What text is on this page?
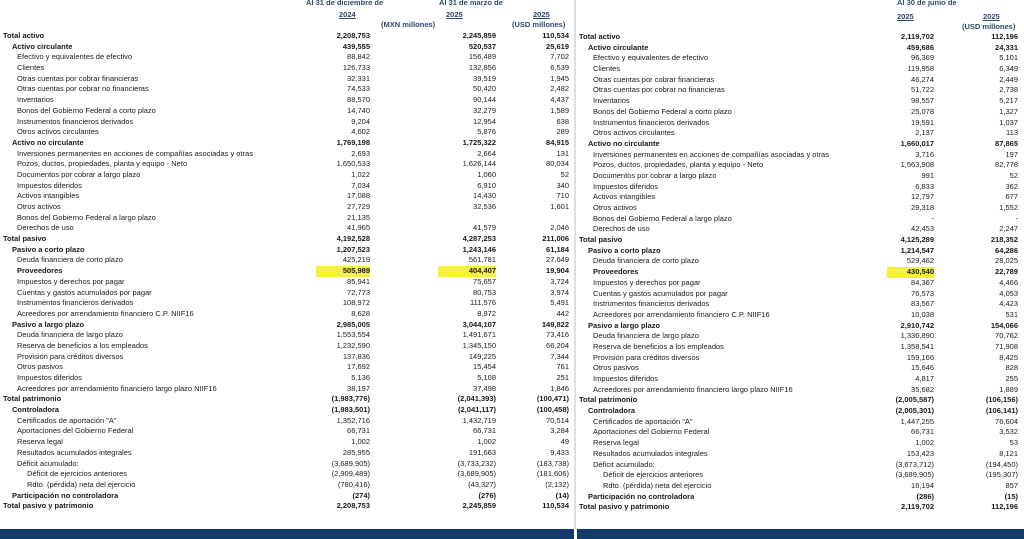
Al 31 de diciembre de	Al 31 de marzo de
2024	2025	2025
(MXN millones)	(USD millones)
Total activo	2,208,753	2,245,859	110,534
Activo circulante	439,555	520,537	25,619
Efectivo y equivalentes de efectivo	88,842	156,489	7,702
Clientes	126,733	132,856	6,539
Otras cuentas por cobrar financieras	32,331	39,519	1,945
Otras cuentas por cobrar no financieras	74,533	50,420	2,482
Inventarios	88,570	90,144	4,437
Bonos del Gobierno Federal a corto plazo	14,740	32,279	1,589
Instrumentos financieros derivados	9,204	12,954	638
Otros activos circulantes	4,602	5,876	289
Activo no circulante	1,769,198	1,725,322	84,915
Inversiones permanentes en acciones de compañías asociadas y otras	2,693	2,664	131
Pozos, ductos, propiedades, planta y equipo - Neto	1,650,533	1,626,144	80,034
Documentos por cobrar a largo plazo	1,022	1,060	52
Impuestos diferidos	7,034	6,910	340
Activos intangibles	17,088	14,430	710
Otros activos	27,729	32,536	1,601
Bonos del Gobierno Federal a largo plazo	21,135
Derechos de uso	41,965	41,579	2,046
Total pasivo	4,192,528	4,287,253	211,006
Pasivo a corto plazo	1,207,523	1,243,146	61,184
Deuda financiera de corto plazo	425,219	561,781	27,649
Proveedores	505,989	404,407	19,904
Impuestos y derechos por pagar	85,941	75,657	3,724
Cuentas y gastos acumulados por pagar	72,773	80,753	3,974
Instrumentos financieros derivados	108,972	111,576	5,491
Acreedores por arrendamiento financiero C.P. NIIF16	8,628	8,972	442
Pasivo a largo plazo	2,985,005	3,044,107	149,822
Deuda financiera de largo plazo	1,553,554	1,491,671	73,416
Reserva de beneficios a los empleados	1,232,590	1,345,150	66,204
Provisión para créditos diversos	137,836	149,225	7,344
Otros pasivos	17,692	15,454	761
Impuestos diferidos	5,136	5,108	251
Acreedores por arrendamiento financiero largo plazo NIIF16	38,197	37,498	1,846
Total patrimonio	(1,983,776)	(2,041,393)	(100,471)
Controladora	(1,983,501)	(2,041,117)	(100,458)
Certificados de aportación "A"	1,352,716	1,432,719	70,514
Aportaciones del Gobierno Federal	66,731	66,731	3,284
Reserva legal	1,002	1,002	49
Resultados acumulados integrales	285,955	191,663	9,433
Déficit acumulado:	(3,689,905)	(3,733,232)	(183,738)
Déficit de ejercicios anteriores	(2,909,489)	(3,689,905)	(181,606)
Rdto. (pérdida) neta del ejercicio	(780,416)	(43,327)	(2,132)
Participación no controladora	(274)	(276)	(14)
Total pasivo y patrimonio	2,208,753	2,245,859	110,534
Al 30 de junio de
2025	2025
(USD millones)
Total activo	2,119,702	112,196
Activo circulante	459,686	24,331
Efectivo y equivalentes de efectivo	96,369	5,101
Clientes	119,958	6,349
Otras cuentas por cobrar financieras	46,274	2,449
Otras cuentas por cobrar no financieras	51,722	2,738
Inventarios	98,557	5,217
Bonos del Gobierno Federal a corto plazo	25,078	1,327
Instrumentos financieros derivados	19,591	1,037
Otros activos circulantes	2,137	113
Activo no circulante	1,660,017	87,865
Inversiones permanentes en acciones de compañías asociadas y otras	3,716	197
Pozos, ductos, propiedades, planta y equipo - Neto	1,563,908	82,778
Documentos por cobrar a largo plazo	991	52
Impuestos diferidos	6,833	362
Activos intangibles	12,797	677
Otros activos	29,318	1,552
Bonos del Gobierno Federal a largo plazo	-	-
Derechos de uso	42,453	2,247
Total pasivo	4,125,289	218,352
Pasivo a corto plazo	1,214,547	64,286
Deuda financiera de corto plazo	529,462	28,025
Proveedores	430,540	22,789
Impuestos y derechos por pagar	84,367	4,466
Cuentas y gastos acumulados por pagar	76,573	4,053
Instrumentos financieros derivados	83,567	4,423
Acreedores por arrendamiento financiero C.P. NIIF16	10,038	531
Pasivo a largo plazo	2,910,742	154,066
Deuda financiera de largo plazo	1,336,890	70,762
Reserva de beneficios a los empleados	1,358,541	71,908
Provisión para créditos diversos	159,166	8,425
Otros pasivos	15,646	828
Impuestos diferidos	4,817	255
Acreedores por arrendamiento financiero largo plazo NIIF16	35,682	1,889
Total patrimonio	(2,005,587)	(106,156)
Controladora	(2,005,301)	(106,141)
Certificados de aportación "A"	1,447,255	76,604
Aportaciones del Gobierno Federal	66,731	3,532
Reserva legal	1,002	53
Resultados acumulados integrales	153,423	8,121
Déficit acumulado:	(3,673,712)	(194,450)
Déficit de ejercicios anteriores	(3,689,905)	(195,307)
Rdto. (pérdida) neta del ejercicio	16,194	857
Participación no controladora	(286)	(15)
Total pasivo y patrimonio	2,119,702	112,196
